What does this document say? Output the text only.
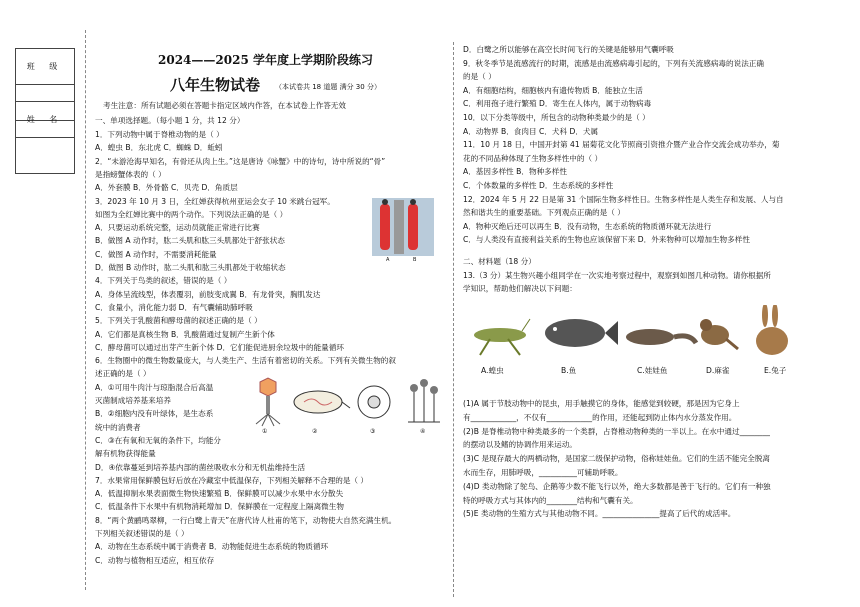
班 级
姓 名
2024——2025 学年度上学期阶段练习
八年生物试卷 （本试卷共 18 道题 满分 30 分）
考生注意：所有试题必须在答题卡指定区域内作答，在本试卷上作答无效
一、单项选择题。（每小题 1 分，共 12 分）
1．下列动物中属于脊椎动物的是（ ）
A．蝗虫 B．东北虎 C．蜘蛛 D．蚯蚓
2．“未游沧海早知名，有骨还从肉上生。”这是唐诗《咏蟹》中的诗句，诗中所说的“骨”
是指螃蟹体表的（ ）
A．外套膜 B．外骨骼 C．贝壳 D．角质层
3．2023 年 10 月 3 日，全红婵获得杭州亚运会女子 10 米跳台冠军。
如图为全红婵比赛中的两个动作。下列说法正确的是（ ）
A．只要运动系统完整，运动员就能正常进行比赛
B．做图 A 动作时，肱二头肌和肱三头肌都处于舒张状态
C．做图 A 动作时，不需要消耗能量
D．做图 B 动作时，肱二头肌和肱三头肌都处于收缩状态
4．下列关于鸟类的叙述，错误的是（ ）
A．身体呈流线型，体表覆羽，前肢变成翼 B．有龙骨突，胸肌发达
C．食量小，消化能力弱 D．有气囊辅助肺呼吸
5．下列关于乳酸菌和酵母菌的叙述正确的是（ ）
A．它们都是真核生物 B．乳酸菌通过复制产生新个体
C．酵母菌可以通过出芽产生新个体 D．它们能促进厨余垃圾中的能量循环
6．生物圈中的微生物数量庞大，与人类生产、生活有着密切的关系。下列有关微生物的叙
述正确的是（ ）
A．①可用牛肉汁与琼脂混合后高温
灭菌制成培养基来培养
B．②细胞内没有叶绿体，是生态系
统中的消费者
C．③在有氧和无氧的条件下，均能分
解有机物获得能量
D．④依靠蔓延到培养基内部的菌丝吸收水分和无机盐维持生活
7．水果常用保鲜膜包好后放在冷藏室中低温保存，下列相关解释不合理的是（ ）
A．低温抑制水果表面微生物快速繁殖 B．保鲜膜可以减少水果中水分散失
C．低温条件下水果中有机物消耗增加 D．保鲜膜在一定程度上隔离微生物
8．“两个黄鹂鸣翠柳，一行白鹭上青天”在唐代诗人杜甫的笔下，动物使大自然充满生机。
下列相关叙述错误的是（ ）
A．动物在生态系统中属于消费者 B．动物能促进生态系统的物质循环
C．动物与植物相互适应，相互依存
A	B
①	②	③	④
D．白鹭之所以能够在高空长时间飞行的关键是能够用气囊呼吸
9．秋冬季节是流感流行的时期，流感是由流感病毒引起的，下列有关流感病毒的说法正确
的是（ ）
A．有细胞结构，细胞核内有遗传物质 B．能独立生活
C．利用孢子进行繁殖 D．寄生在人体内，属于动物病毒
10．以下分类等级中，所包含的动物种类最少的是（ ）
A．动物界 B．食肉目 C．犬科 D．犬属
11．10 月 18 日，中国开封第 41 届菊花文化节照商引资推介暨产业合作交流会成功举办，菊
花的不同品种体现了生物多样性中的（ ）
A．基因多样性 B．物种多样性
C．个体数量的多样性 D．生态系统的多样性
12．2024 年 5 月 22 日是第 31 个国际生物多样性日。生物多样性是人类生存和发展、人与自
然和谐共生的重要基础。下列观点正确的是（ ）
A．物种灭绝后还可以再生 B．没有动物，生态系统的物质循环就无法进行
C．与人类没有直接利益关系的生物也应该保留下来 D．外来物种可以增加生物多样性
二、材料题（18 分）
13.（3 分）某生物兴趣小组同学在一次实地考察过程中，观察到如图几种动物。请你根据所
学知识，帮助他们解决以下问题：
A.蝗虫	B.鱼	C.娃娃鱼	D.麻雀	E.兔子
(1)A 属于节肢动物中的昆虫，用手触摸它的身体，能感觉到较硬，那是因为它身上
有____________，不仅有____________的作用，还能起到防止体内水分蒸发作用。
(2)B 是脊椎动物中种类最多的一个类群，占脊椎动物种类的一半以上。在水中通过________
的摆动以及鳍的协调作用来运动。
(3)C 是现存最大的两栖动物，是国家二级保护动物，俗称娃娃鱼。它们的生活不能完全脱离
水而生存，用肺呼吸，__________可辅助呼吸。
(4)D 类动物除了鸵鸟、企鹅等少数不能飞行以外，绝大多数都是善于飞行的。它们有一种独
特的呼吸方式与其体内的________结构和气囊有关。
(5)E 类动物的生殖方式与其他动物不同。_______________提高了后代的成活率。
